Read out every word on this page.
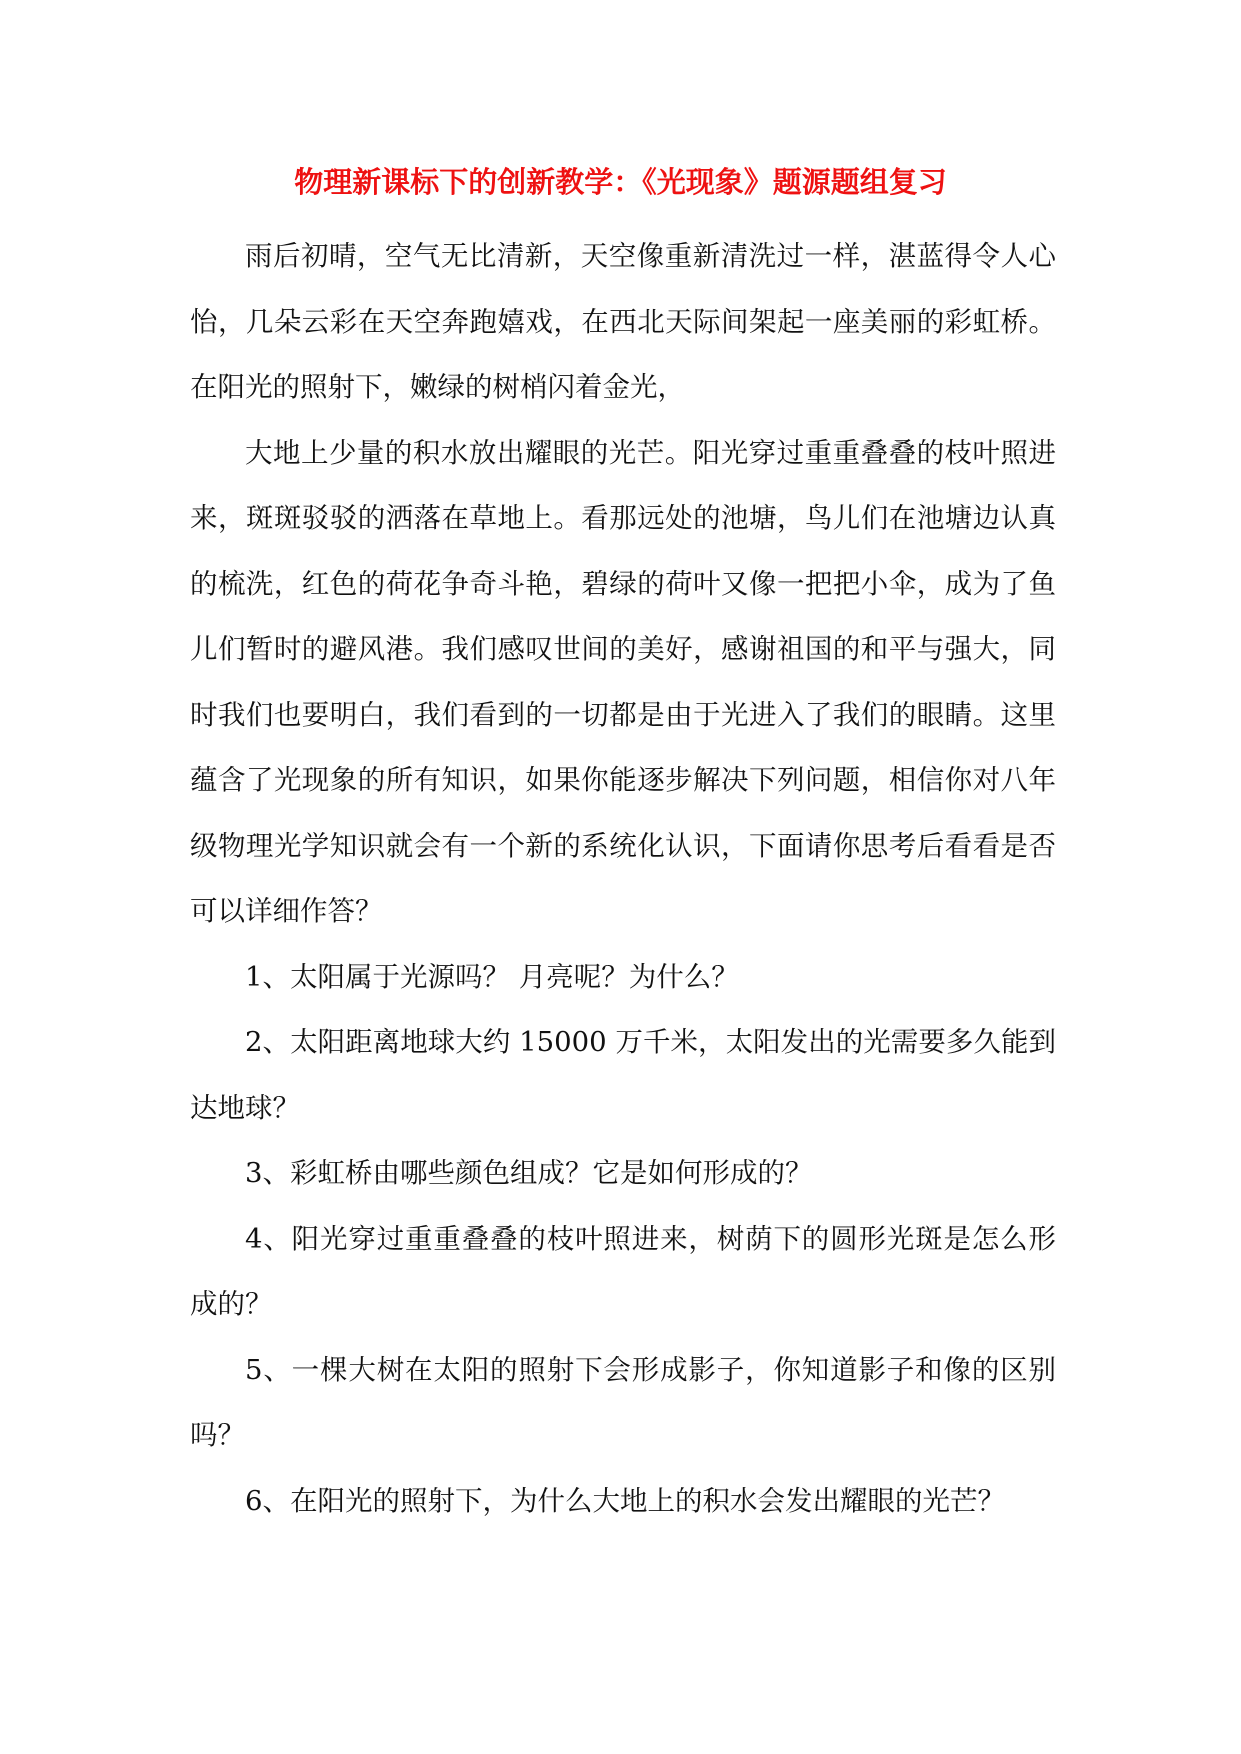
物理新课标下的创新教学：《光现象》题源题组复习

雨后初晴，空气无比清新，天空像重新清洗过一样，湛蓝得令人心怡，几朵云彩在天空奔跑嬉戏，在西北天际间架起一座美丽的彩虹桥。在阳光的照射下，嫩绿的树梢闪着金光，

大地上少量的积水放出耀眼的光芒。阳光穿过重重叠叠的枝叶照进来，斑斑驳驳的洒落在草地上。看那远处的池塘，鸟儿们在池塘边认真的梳洗，红色的荷花争奇斗艳，碧绿的荷叶又像一把把小伞，成为了鱼儿们暂时的避风港。我们感叹世间的美好，感谢祖国的和平与强大，同时我们也要明白，我们看到的一切都是由于光进入了我们的眼睛。这里蕴含了光现象的所有知识，如果你能逐步解决下列问题，相信你对八年级物理光学知识就会有一个新的系统化认识，下面请你思考后看看是否可以详细作答？

1、太阳属于光源吗？ 月亮呢？为什么？

2、太阳距离地球大约 15000 万千米，太阳发出的光需要多久能到达地球？

3、彩虹桥由哪些颜色组成？它是如何形成的？

4、阳光穿过重重叠叠的枝叶照进来，树荫下的圆形光斑是怎么形成的？

5、一棵大树在太阳的照射下会形成影子，你知道影子和像的区别吗？

6、在阳光的照射下，为什么大地上的积水会发出耀眼的光芒？
